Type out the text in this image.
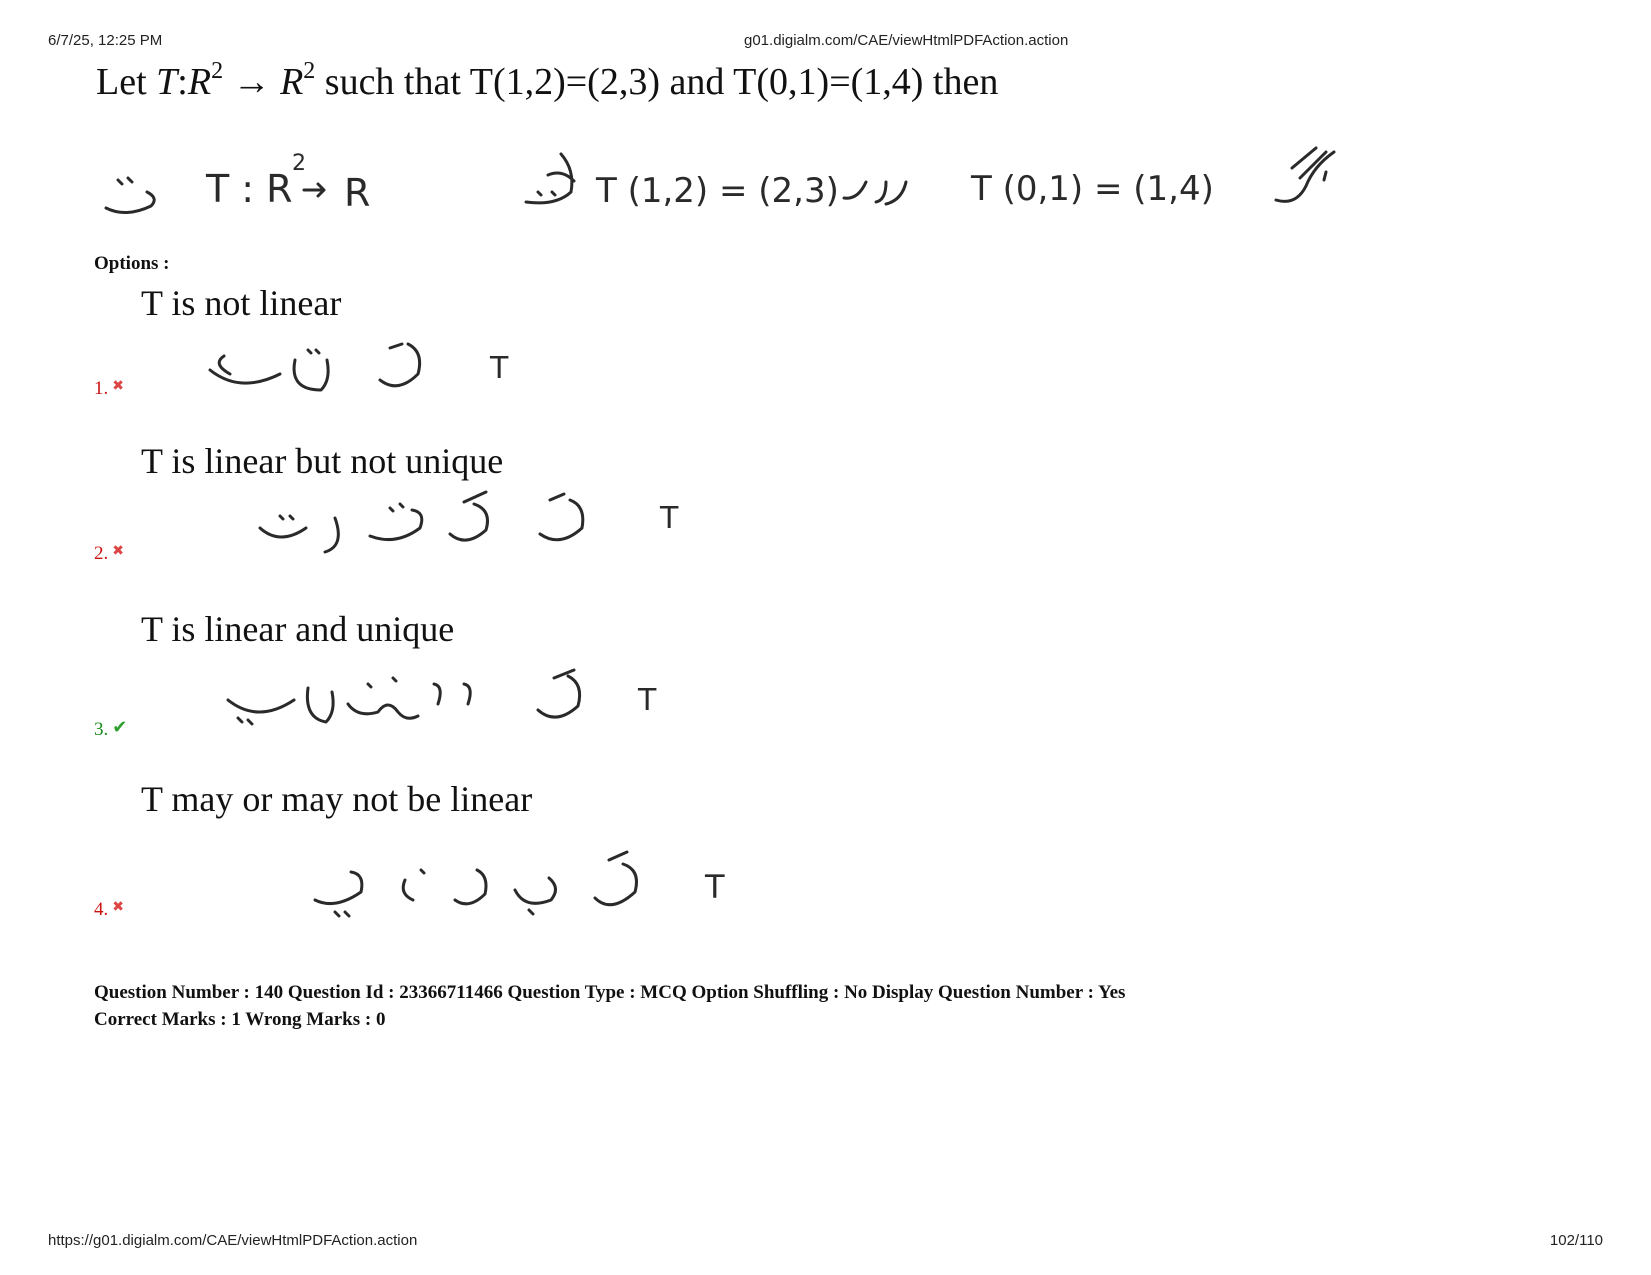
6/7/25, 12:25 PM	g01.digialm.com/CAE/viewHtmlPDFAction.action
Let $T:R^2 \to R^2$ such that T(1,2)=(2,3) and T(0,1)=(1,4) then
T : R
2
R	T (1,2) = (2,3)	T (0,1) = (1,4)
Options :
T is not linear
T
1. ✖
T is linear but not unique
T
2. ✖
T is linear and unique
T
3. ✔
T may or may not be linear
T
4. ✖
Question Number : 140 Question Id : 23366711466 Question Type : MCQ Option Shuffling : No Display Question Number : Yes
Correct Marks : 1 Wrong Marks : 0
https://g01.digialm.com/CAE/viewHtmlPDFAction.action	102/110
